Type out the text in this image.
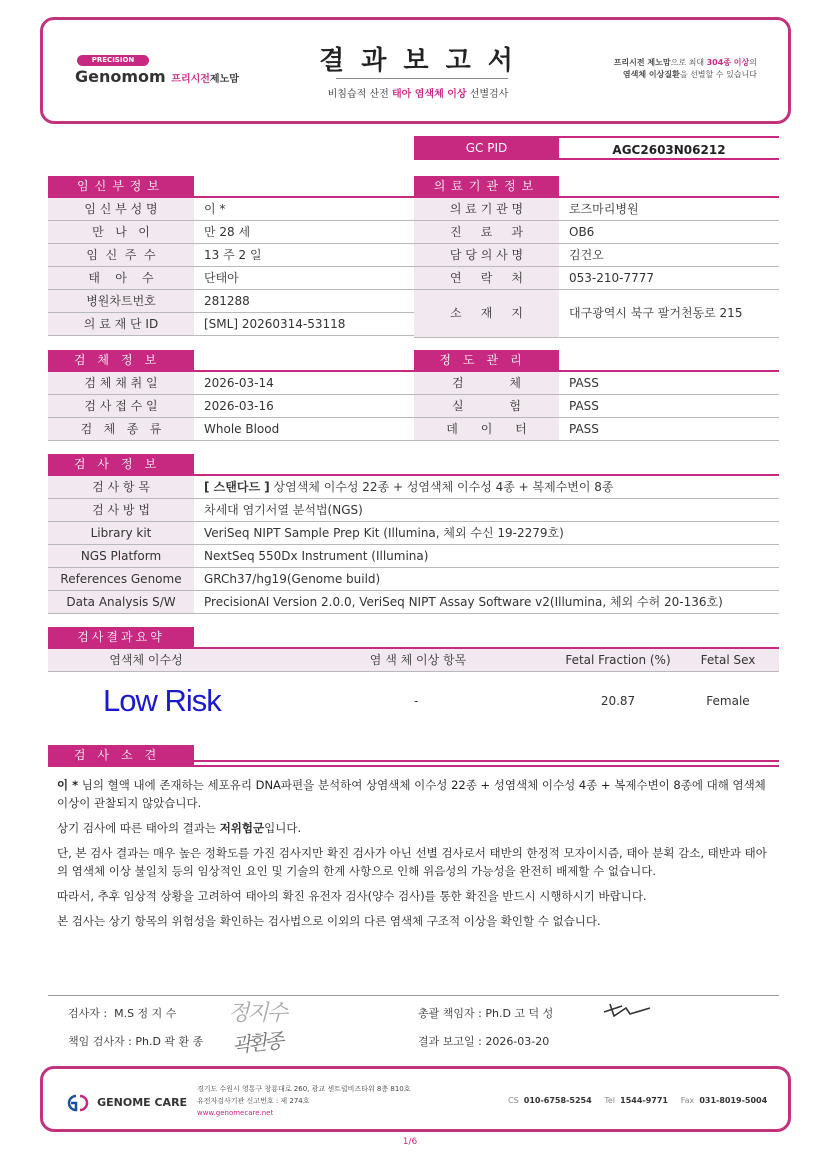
PRECISION
Genomom 프리시전제노맘
결 과 보 고 서
비침습적 산전 태아 염색체 이상 선별검사
프리시전 제노맘으로 최대 304종 이상의
염색체 이상질환을 선별할 수 있습니다
GC PID	AGC2603N06212
임신부정보
임 신 부 성 명	이 *
만   나   이	만 28 세
임  신  주  수	13 주 2 일
태    아    수	단태아
병원차트번호	281288
의 료 재 단 ID	[SML] 20260314-53118
의료기관정보
의 료 기 관 명	로즈마리병원
진     료     과	OB6
담 당 의 사 명	김건오
연     락     처	053-210-7777
소     재     지	대구광역시 북구 팔거천동로 215
검체정보
검 체 채 취 일	2026-03-14
검 사 접 수 일	2026-03-16
검   체   종   류	Whole Blood
정도관리
검            체	PASS
실            험	PASS
데      이      터	PASS
검사정보
검 사 항 목	[ 스탠다드 ] 상염색체 이수성 22종 + 성염색체 이수성 4종 + 복제수변이 8종
검 사 방 법	차세대 염기서열 분석법(NGS)
Library kit	VeriSeq NIPT Sample Prep Kit (Illumina, 체외 수신 19-2279호)
NGS Platform	NextSeq 550Dx Instrument (Illumina)
References Genome	GRCh37/hg19(Genome build)
Data Analysis S/W	PrecisionAI Version 2.0.0, VeriSeq NIPT Assay Software v2(Illumina, 체외 수허 20-136호)
검사결과요약
염색체 이수성	염 색 체 이상 항목	Fetal Fraction (%)	Fetal Sex
Low Risk	-	20.87	Female
검사소견

이 * 님의 혈액 내에 존재하는 세포유리 DNA파편을 분석하여 상염색체 이수성 22종 + 성염색체 이수성 4종 + 복제수변이 8종에 대해 염색체 이상이 관찰되지 않았습니다.

상기 검사에 따른 태아의 결과는 저위험군입니다.

단, 본 검사 결과는 매우 높은 정확도를 가진 검사지만 확진 검사가 아닌 선별 검사로서 태반의 한정적 모자이시즘, 태아 분획 감소, 태반과 태아의 염색체 이상 불일치 등의 임상적인 요인 및 기술의 한계 사항으로 인해 위음성의 가능성을 완전히 배제할 수 없습니다.

따라서, 추후 임상적 상황을 고려하여 태아의 확진 유전자 검사(양수 검사)를 통한 확진을 반드시 시행하시기 바랍니다.

본 검사는 상기 항목의 위험성을 확인하는 검사법으로 이외의 다른 염색체 구조적 이상을 확인할 수 없습니다.

검사자 : M.S 정 지 수 정지수
책임 검사자 : Ph.D 곽 환 종 곽환종
총괄 책임자 : Ph.D 고 덕 성
결과 보고일 : 2026-03-20
GENOME CARE
경기도 수원시 영통구 창룡대로 260, 광교 센트럴비즈타워 8층 810호
유전자검사기관 신고번호 : 제 274호
www.genomecare.net
CS 010-6758-5254 Tel 1544-9771 Fax 031-8019-5004
1/6
